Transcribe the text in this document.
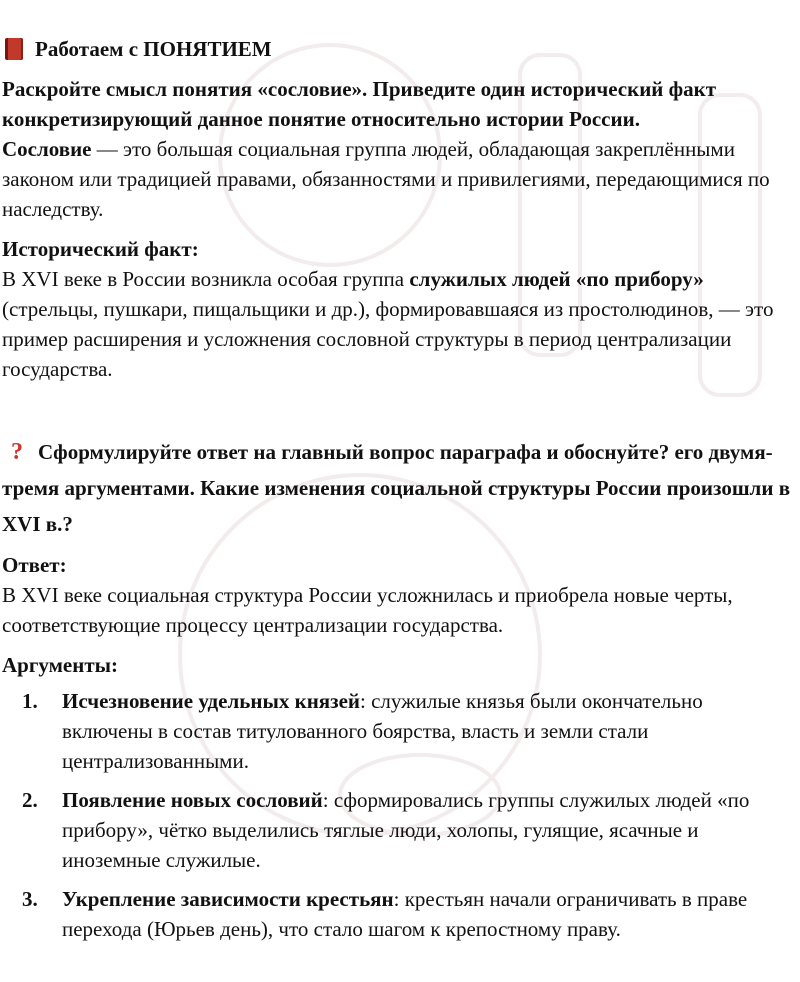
Работаем с ПОНЯТИЕМ
Раскройте смысл понятия «сословие». Приведите один исторический факт конкретизирующий данное понятие относительно истории России.

Сословие — это большая социальная группа людей, обладающая закреплёнными законом или традицией правами, обязанностями и привилегиями, передающимися по наследству.

Исторический факт:

В XVI веке в России возникла особая группа служилых людей «по прибору» (стрельцы, пушкари, пищальщики и др.), формировавшаяся из простолюдинов, — это пример расширения и усложнения сословной структуры в период централизации государства.

? Сформулируйте ответ на главный вопрос параграфа и обоснуйте? его двумя-тремя аргументами. Какие изменения социальной структуры России произошли в XVI в.?
Ответ:

В XVI веке социальная структура России усложнилась и приобрела новые черты, соответствующие процессу централизации государства.

Аргументы:
1. Исчезновение удельных князей: служилые князья были окончательно включены в состав титулованного боярства, власть и земли стали централизованными.
2. Появление новых сословий: сформировались группы служилых людей «по прибору», чётко выделились тяглые люди, холопы, гулящие, ясачные и иноземные служилые.
3. Укрепление зависимости крестьян: крестьян начали ограничивать в праве перехода (Юрьев день), что стало шагом к крепостному праву.
